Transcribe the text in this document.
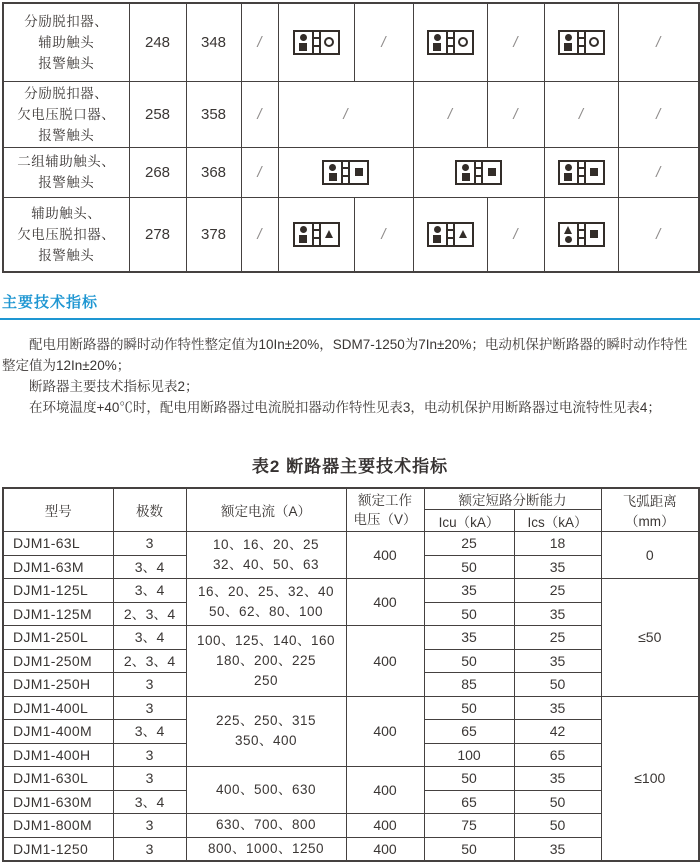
分励脱扣器、
辅助触头
报警触头	248	348	/		/		/		/
分励脱扣器、
欠电压脱口器、
报警触头	258	358	/	/		/	/	/	/
二组辅助触头、
报警触头	268	368	/						/
辅助触头、
欠电压脱扣器、
报警触头	278	378	/		/		/		/
主要技术指标

配电用断路器的瞬时动作特性整定值为10In±20%，SDM7-1250为7In±20%；电动机保护断路器的瞬时动作特性整定值为12In±20%；

断路器主要技术指标见表2；

在环境温度+40℃时，配电用断路器过电流脱扣器动作特性见表3，电动机保护用断路器过电流特性见表4；

表2 断路器主要技术指标
型号	极数	额定电流（A）	额定工作
电压（V）	额定短路分断能力		飞弧距离（mm）
				Icu（kA）	Ics（kA）	
DJM1-63L	3	10、16、20、25
32、40、50、63	400	25	18	0
DJM1-63M	3、4			50	35	
DJM1-125L	3、4	16、20、25、32、40
50、62、80、100	400	35	25	≤50
DJM1-125M	2、3、4			50	35	
DJM1-250L	3、4	100、125、140、160
180、200、225
250	400	35	25	
DJM1-250M	2、3、4			50	35	
DJM1-250H	3			85	50	
DJM1-400L	3	225、250、315
350、400	400	50	35	≤100
DJM1-400M	3、4			65	42	
DJM1-400H	3			100	65	
DJM1-630L	3	400、500、630	400	50	35	
DJM1-630M	3、4			65	50	
DJM1-800M	3	630、700、800	400	75	50	
DJM1-1250	3	800、1000、1250	400	50	35	
